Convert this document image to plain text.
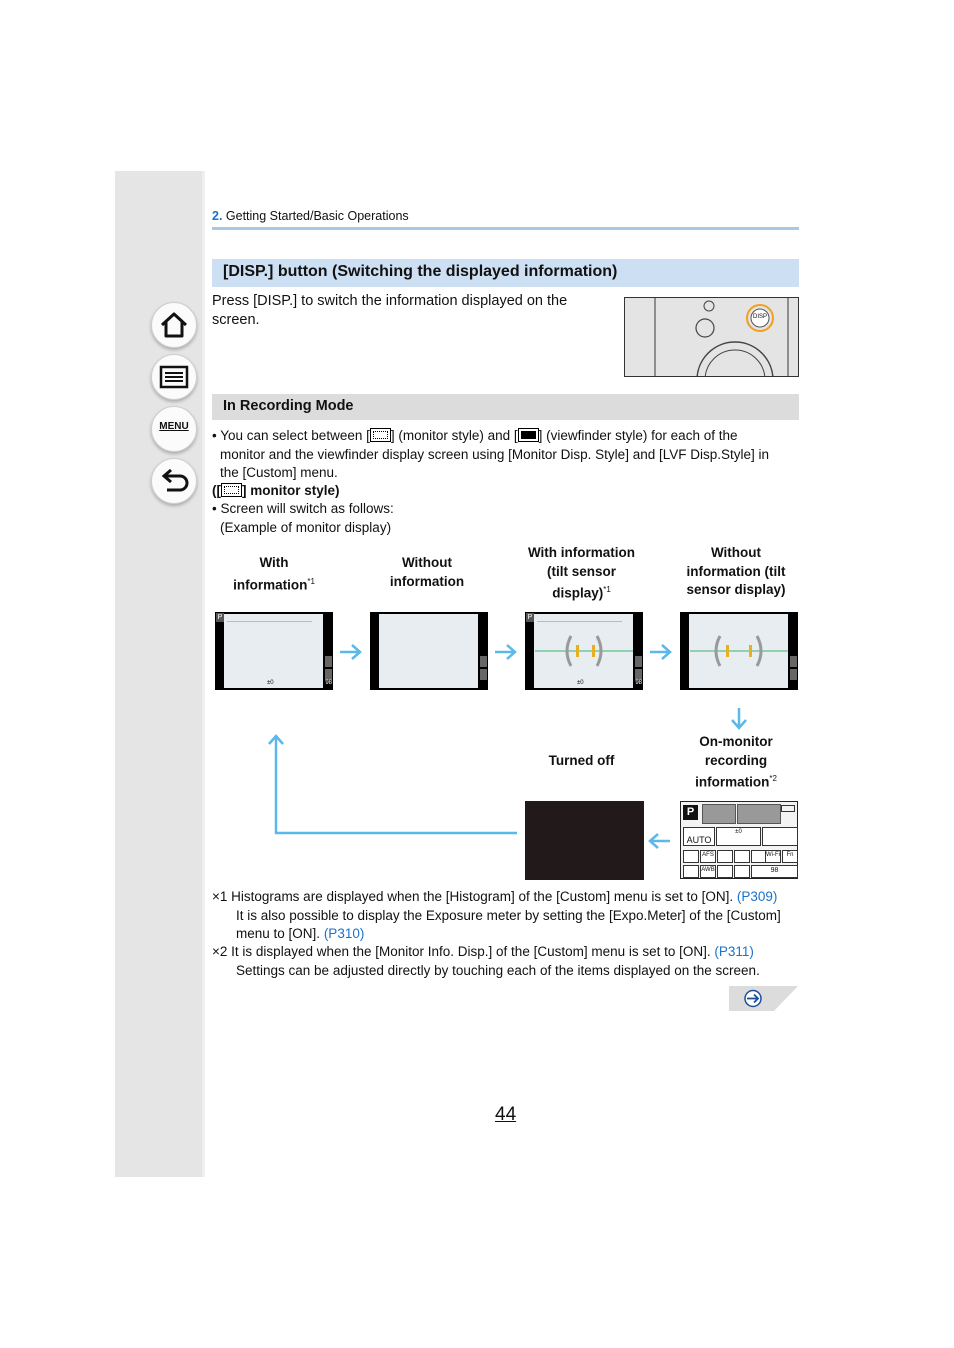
MENU
2. Getting Started/Basic Operations
[DISP.] button (Switching the displayed information)
Press [DISP.] to switch the information displayed on the screen.	DISP
In Recording Mode
• You can select between [ ] (monitor style) and [ ] (viewfinder style) for each of the
monitor and the viewfinder display screen using [Monitor Disp. Style] and [LVF Disp.Style] in
the [Custom] menu.
([ ] monitor style)
• Screen will switch as follows:
(Example of monitor display)
With
information$^{*1}$
Without
information
With information
(tilt sensor
display)$^{*1}$
Without
information (tilt
sensor display)
P
±0	98
P
±0	98
Turned off
On-monitor
recording
information$^{*2}$
P
AUTO
±0
AFS	Wi-Fi	Fn
AWB	98
×1 Histograms are displayed when the [Histogram] of the [Custom] menu is set to [ON]. (P309)
It is also possible to display the Exposure meter by setting the [Expo.Meter] of the [Custom]
menu to [ON]. (P310)
×2 It is displayed when the [Monitor Info. Disp.] of the [Custom] menu is set to [ON]. (P311)
Settings can be adjusted directly by touching each of the items displayed on the screen.
44
